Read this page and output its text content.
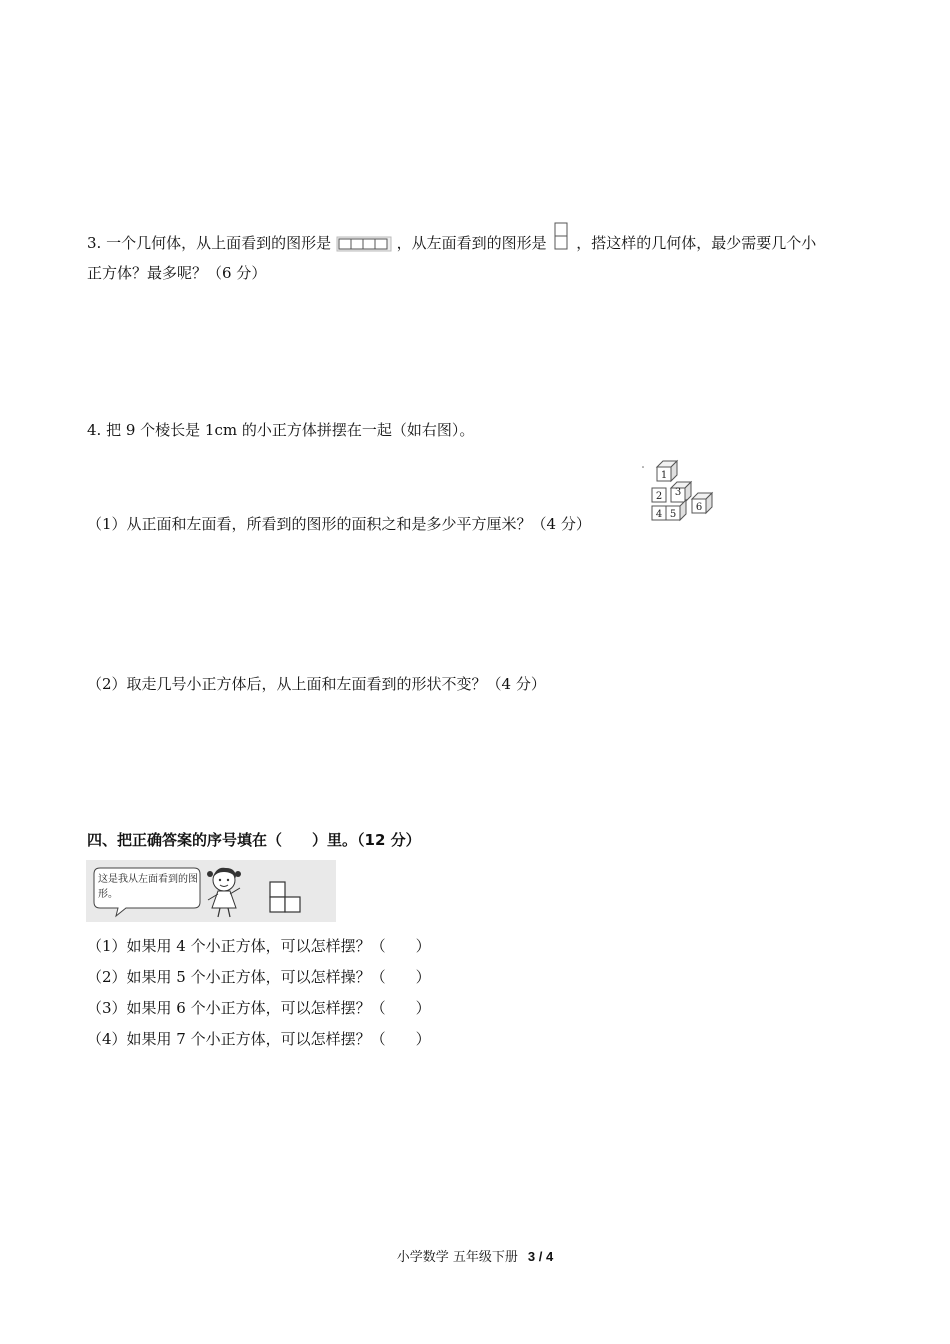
3. 一个几何体，从上面看到的图形是	，从左面看到的图形是 ，搭这样的几何体，最少需要几个小
正方体？最多呢？（6 分）
4. 把 9 个棱长是 1cm 的小正方体拼摆在一起（如右图）。
1
2 3
4 5
6
（1）从正面和左面看，所看到的图形的面积之和是多少平方厘米？（4 分）
（2）取走几号小正方体后，从上面和左面看到的形状不变？（4 分）
四、把正确答案的序号填在（　　）里。（12 分）
这是我从左面看到的图形。
（1）如果用 4 个小正方体，可以怎样摆？（　　）
（2）如果用 5 个小正方体，可以怎样操？（　　）
（3）如果用 6 个小正方体，可以怎样摆？（　　）
（4）如果用 7 个小正方体，可以怎样摆？（　　）
小学数学 五年级下册 3 / 4
